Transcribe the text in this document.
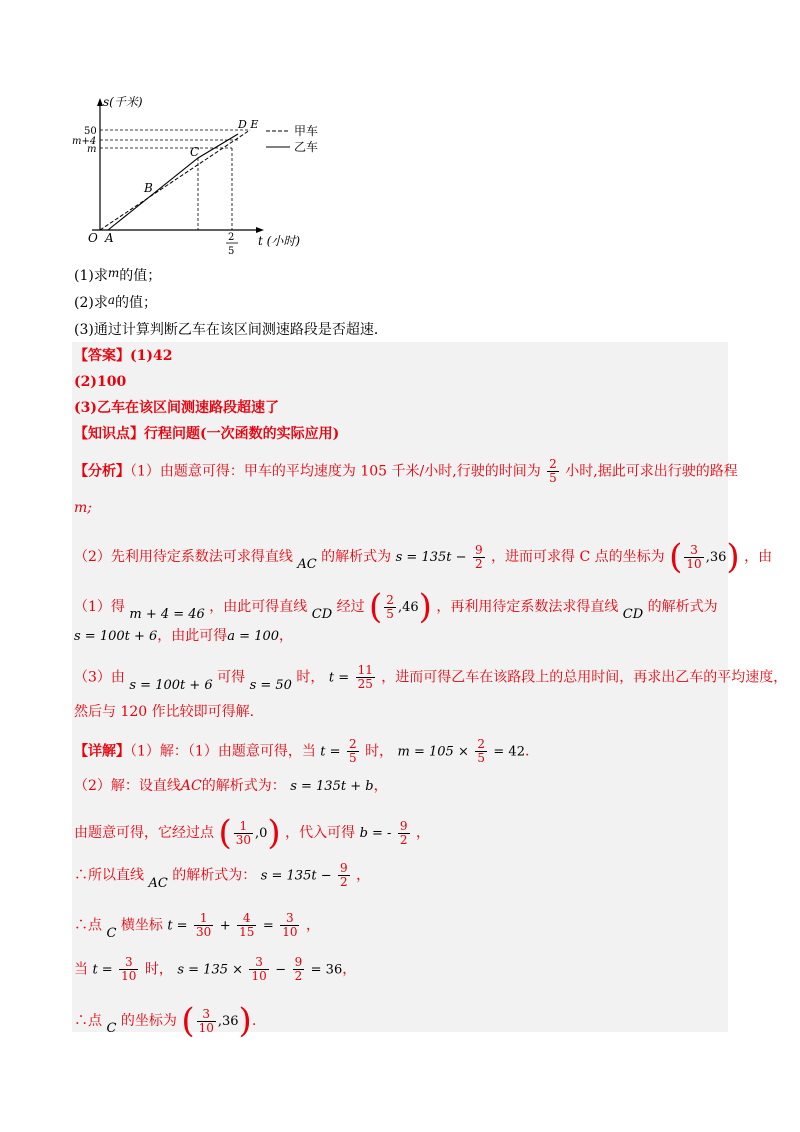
s(千米)
50
m+4
m
O A
B
C
D E
2
5
t (小时)
甲车
乙车
(1)求m的值；
(2)求a的值；
(3)通过计算判断乙车在该区间测速路段是否超速．
【答案】(1)42
(2)100
(3)乙车在该区间测速路段超速了
【知识点】行程问题(一次函数的实际应用)
【分析】（1）由题意可得：甲车的平均速度为 105 千米/小时,行驶的时间为 $\frac{2}{5}$ 小时,据此可求出行驶的路程
m;
（2）先利用待定系数法可求得直线 AC 的解析式为 $s = 135t - \frac{9}{2}$ ，进而可求得 C 点的坐标为 ( $\frac{3}{10} ,36$) ，由
（1）得 m + 4 = 46 ，由此可得直线 CD 经过 ( $\frac{2}{5} ,46$) ，再利用待定系数法求得直线 CD 的解析式为
s = 100t + 6，由此可得a = 100，
（3）由 s = 100t + 6 可得 s = 50 时， $t = \frac{11}{25}$ ，进而可得乙车在该路段上的总用时间，再求出乙车的平均速度，
然后与 120 作比较即可得解.
【详解】（1）解：（1）由题意可得，当 $t = \frac{2}{5}$ 时， $m = 105 \times \frac{2}{5} = 42$.
（2）解：设直线AC的解析式为： s = 135t + b，
由题意可得，它经过点 ( $\frac{1}{30} ,0$) ，代入可得 b = - $\frac{9}{2}$ ，
∴所以直线 AC 的解析式为： $s = 135t - \frac{9}{2}$ ，
∴点 C 横坐标 $t = \frac{1}{30} + \frac{4}{15} = \frac{3}{10}$ ，
当 $t = \frac{3}{10}$ 时， $s = 135 \times \frac{3}{10} - \frac{9}{2} = 36$，
∴点 C 的坐标为 ( $\frac{3}{10} ,36$).
